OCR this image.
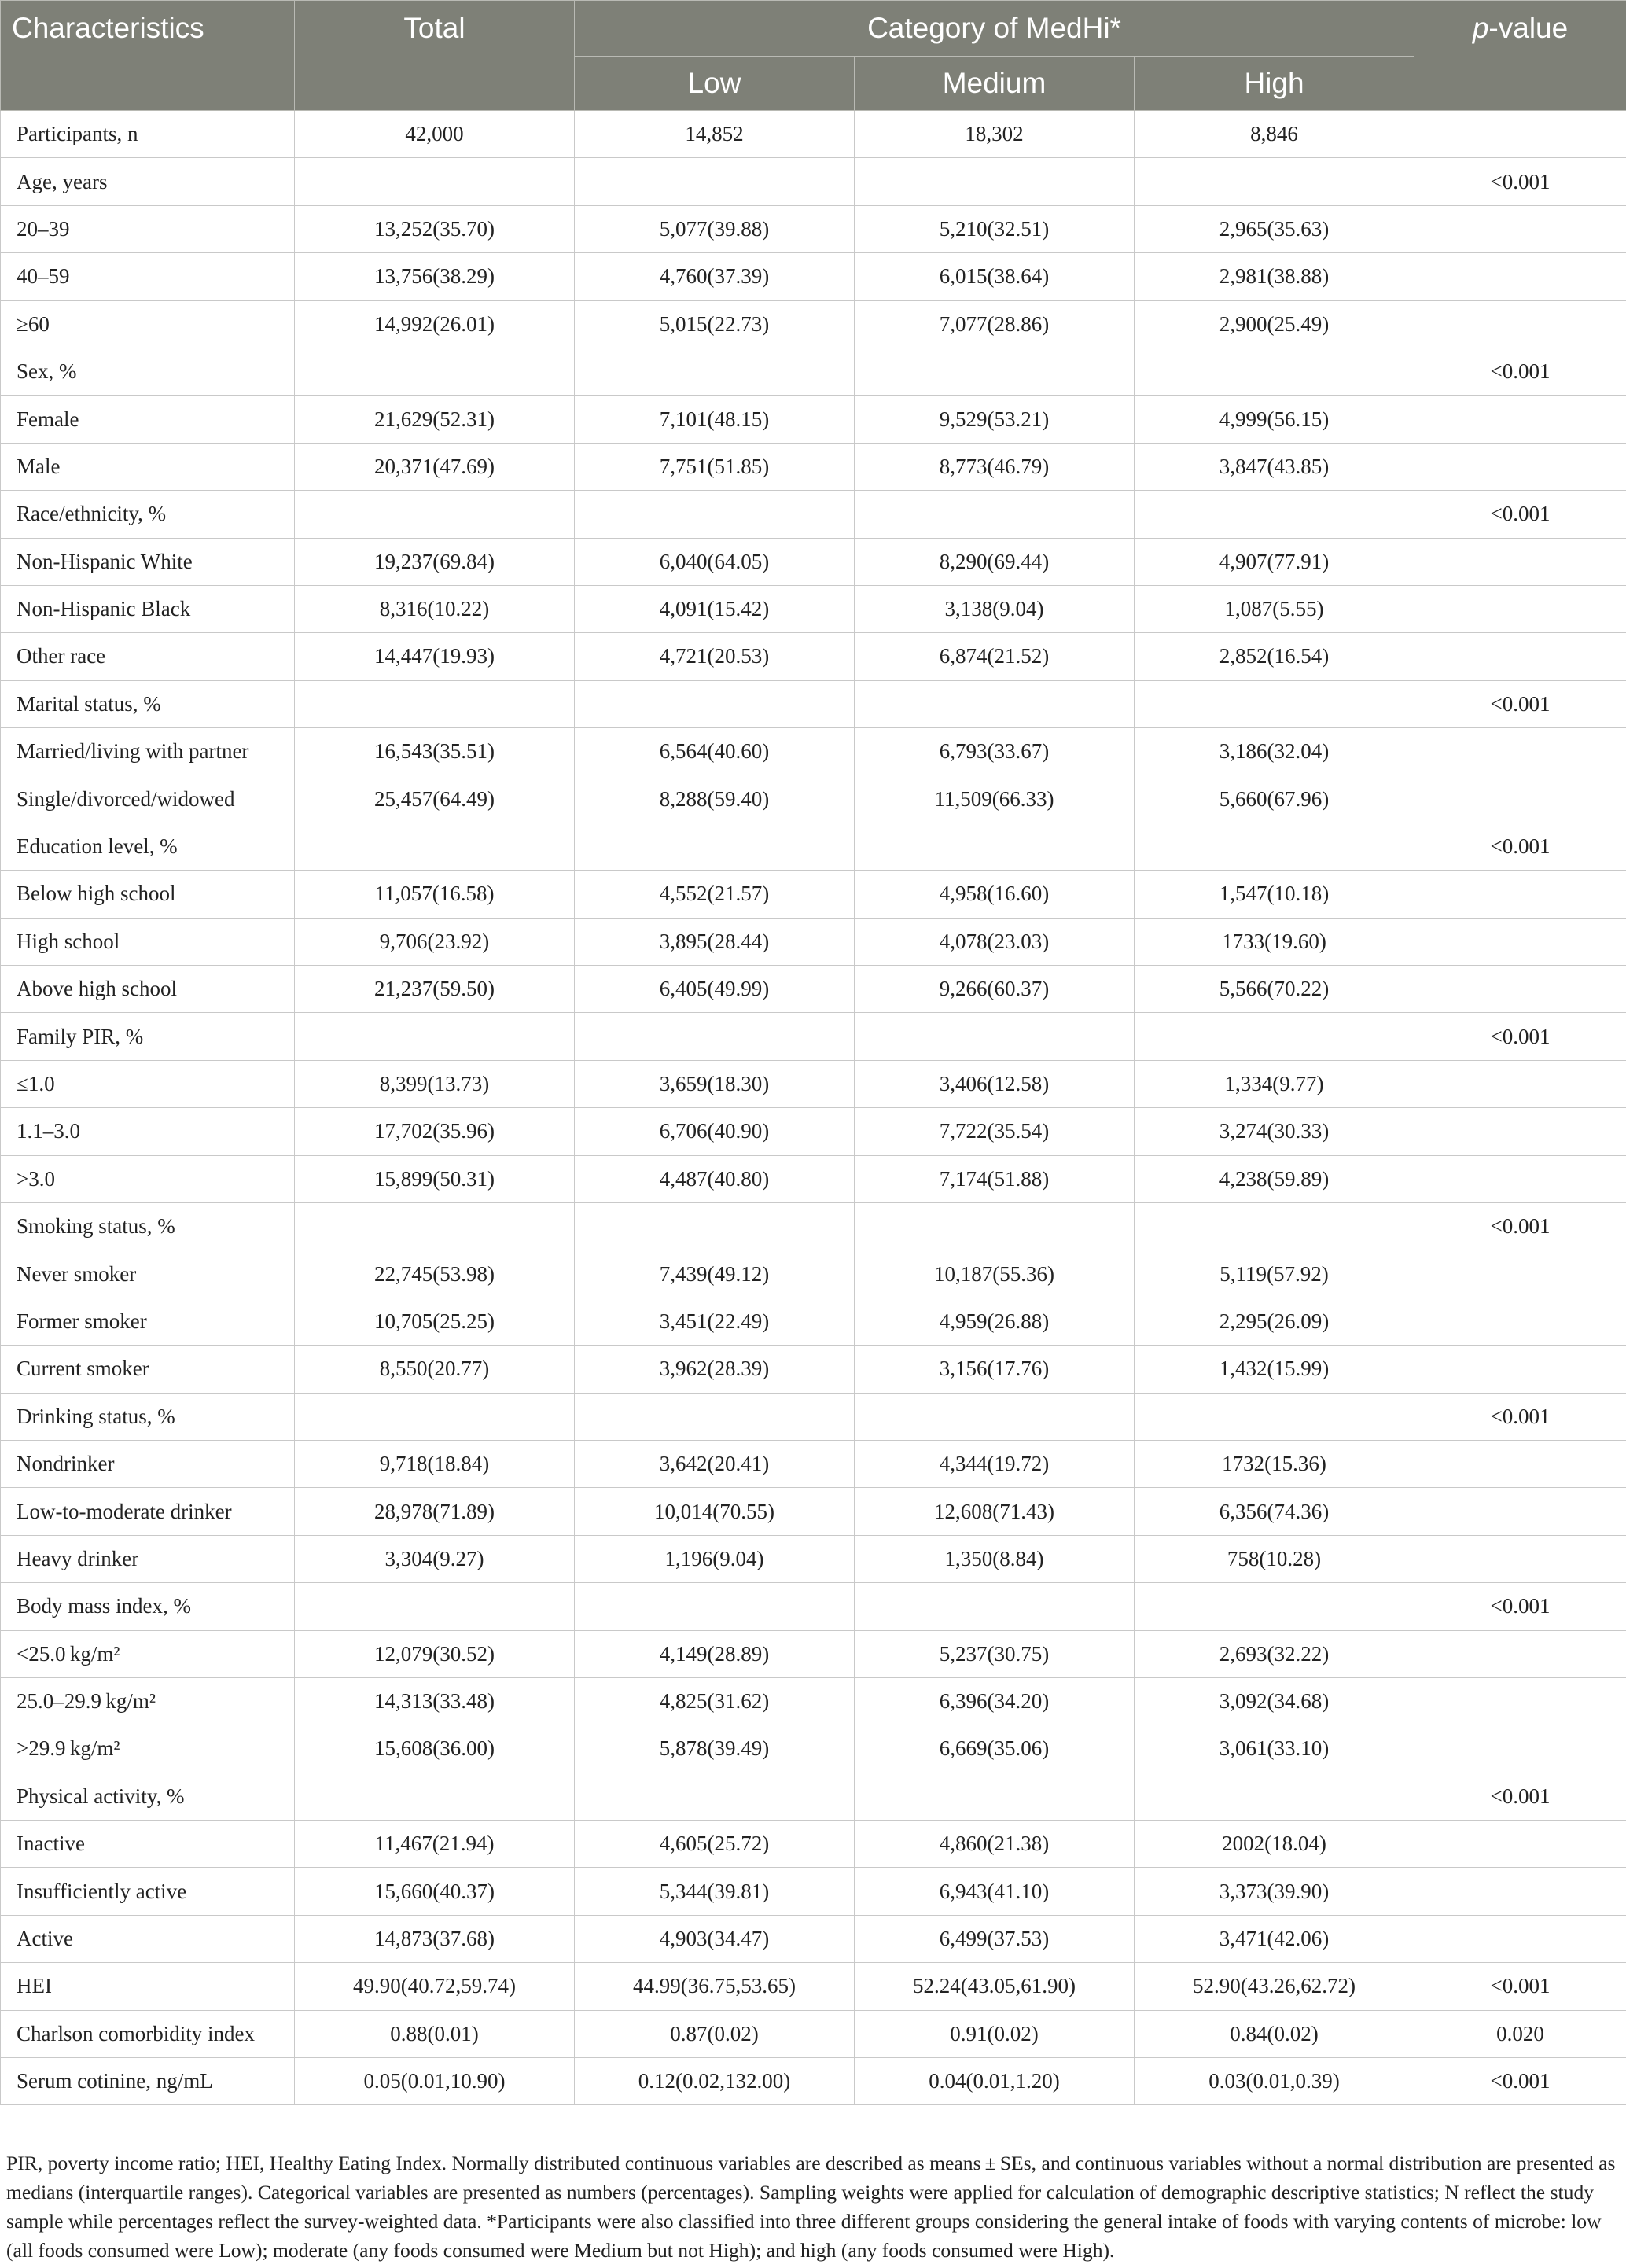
Characteristics	Total	Category of MedHi*			p-value
		Low	Medium	High	
Participants, n	42,000	14,852	18,302	8,846	
Age, years					<0.001
20–39	13,252(35.70)	5,077(39.88)	5,210(32.51)	2,965(35.63)	
40–59	13,756(38.29)	4,760(37.39)	6,015(38.64)	2,981(38.88)	
≥60	14,992(26.01)	5,015(22.73)	7,077(28.86)	2,900(25.49)	
Sex, %					<0.001
Female	21,629(52.31)	7,101(48.15)	9,529(53.21)	4,999(56.15)	
Male	20,371(47.69)	7,751(51.85)	8,773(46.79)	3,847(43.85)	
Race/ethnicity, %					<0.001
Non-Hispanic White	19,237(69.84)	6,040(64.05)	8,290(69.44)	4,907(77.91)	
Non-Hispanic Black	8,316(10.22)	4,091(15.42)	3,138(9.04)	1,087(5.55)	
Other race	14,447(19.93)	4,721(20.53)	6,874(21.52)	2,852(16.54)	
Marital status, %					<0.001
Married/living with partner	16,543(35.51)	6,564(40.60)	6,793(33.67)	3,186(32.04)	
Single/divorced/widowed	25,457(64.49)	8,288(59.40)	11,509(66.33)	5,660(67.96)	
Education level, %					<0.001
Below high school	11,057(16.58)	4,552(21.57)	4,958(16.60)	1,547(10.18)	
High school	9,706(23.92)	3,895(28.44)	4,078(23.03)	1733(19.60)	
Above high school	21,237(59.50)	6,405(49.99)	9,266(60.37)	5,566(70.22)	
Family PIR, %					<0.001
≤1.0	8,399(13.73)	3,659(18.30)	3,406(12.58)	1,334(9.77)	
1.1–3.0	17,702(35.96)	6,706(40.90)	7,722(35.54)	3,274(30.33)	
>3.0	15,899(50.31)	4,487(40.80)	7,174(51.88)	4,238(59.89)	
Smoking status, %					<0.001
Never smoker	22,745(53.98)	7,439(49.12)	10,187(55.36)	5,119(57.92)	
Former smoker	10,705(25.25)	3,451(22.49)	4,959(26.88)	2,295(26.09)	
Current smoker	8,550(20.77)	3,962(28.39)	3,156(17.76)	1,432(15.99)	
Drinking status, %					<0.001
Nondrinker	9,718(18.84)	3,642(20.41)	4,344(19.72)	1732(15.36)	
Low-to-moderate drinker	28,978(71.89)	10,014(70.55)	12,608(71.43)	6,356(74.36)	
Heavy drinker	3,304(9.27)	1,196(9.04)	1,350(8.84)	758(10.28)	
Body mass index, %					<0.001
<25.0 kg/m²	12,079(30.52)	4,149(28.89)	5,237(30.75)	2,693(32.22)	
25.0–29.9 kg/m²	14,313(33.48)	4,825(31.62)	6,396(34.20)	3,092(34.68)	
>29.9 kg/m²	15,608(36.00)	5,878(39.49)	6,669(35.06)	3,061(33.10)	
Physical activity, %					<0.001
Inactive	11,467(21.94)	4,605(25.72)	4,860(21.38)	2002(18.04)	
Insufficiently active	15,660(40.37)	5,344(39.81)	6,943(41.10)	3,373(39.90)	
Active	14,873(37.68)	4,903(34.47)	6,499(37.53)	3,471(42.06)	
HEI	49.90(40.72,59.74)	44.99(36.75,53.65)	52.24(43.05,61.90)	52.90(43.26,62.72)	<0.001
Charlson comorbidity index	0.88(0.01)	0.87(0.02)	0.91(0.02)	0.84(0.02)	0.020
Serum cotinine, ng/mL	0.05(0.01,10.90)	0.12(0.02,132.00)	0.04(0.01,1.20)	0.03(0.01,0.39)	<0.001
PIR, poverty income ratio; HEI, Healthy Eating Index. Normally distributed continuous variables are described as means ± SEs, and continuous variables without a normal distribution are presented as medians (interquartile ranges). Categorical variables are presented as numbers (percentages). Sampling weights were applied for calculation of demographic descriptive statistics; N reflect the study sample while percentages reflect the survey-weighted data. *Participants were also classified into three different groups considering the general intake of foods with varying contents of microbe: low (all foods consumed were Low); moderate (any foods consumed were Medium but not High); and high (any foods consumed were High).
